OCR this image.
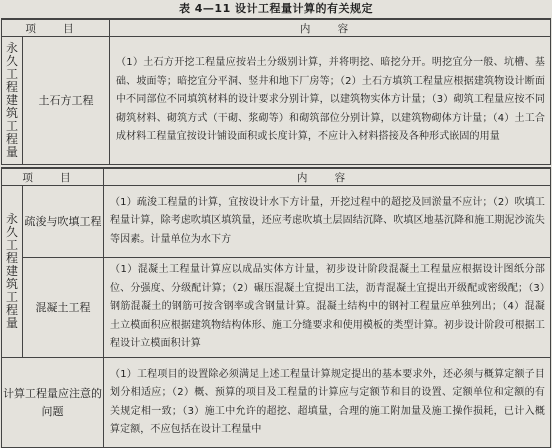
表 4—11 设计工程量计算的有关规定
项 目		内 容
永久工程建筑工程量	土石方工程	（1）土石方开挖工程量应按岩土分级别计算，并将明挖、暗挖分开。明挖宜分一般、坑槽、基础、坡面等；暗挖宜分平洞、竖井和地下厂房等；（2）土石方填筑工程量应根据建筑物设计断面中不同部位不同填筑材料的设计要求分别计算，以建筑物实体方计量；（3）砌筑工程量应按不同砌筑材料、砌筑方式（干砌、浆砌等）和砌筑部位分别计算，以建筑物砌体方计量；（4）土工合成材料工程量宜按设计铺设面积或长度计算，不应计入材料搭接及各种形式嵌固的用量
项 目		内 容
永久工程建筑工程量	疏浚与吹填工程	（1）疏浚工程量的计算，宜按设计水下方计量，开挖过程中的超挖及回淤量不应计；（2）吹填工程量计算，除考虑吹填区填筑量，还应考虑吹填土层固结沉降、吹填区地基沉降和施工期泥沙流失等因素。计量单位为水下方
	混凝土工程	（1）混凝土工程量计算应以成品实体方计量，初步设计阶段混凝土工程量应根据设计图纸分部位、分强度、分级配计算；（2）碾压混凝土宜提出工法，沥青混凝土宜提出开级配或密级配；（3）钢筋混凝土的钢筋可按含钢率或含钢量计算。混凝土结构中的钢衬工程量应单独列出；（4）混凝土立模面积应根据建筑物结构体形、施工分缝要求和使用模板的类型计算。初步设计阶段可根据工程设计立模面积计算
计算工程量应注意的问题		（1）工程项目的设置除必须满足上述工程量计算规定提出的基本要求外，还必须与概算定额子目划分相适应；（2）概、预算的项目及工程量的计算应与定额节和目的设置、定额单位和定额的有关规定相一致；（3）施工中允许的超挖、超填量，合理的施工附加量及施工操作损耗，已计入概算定额，不应包括在设计工程量中
